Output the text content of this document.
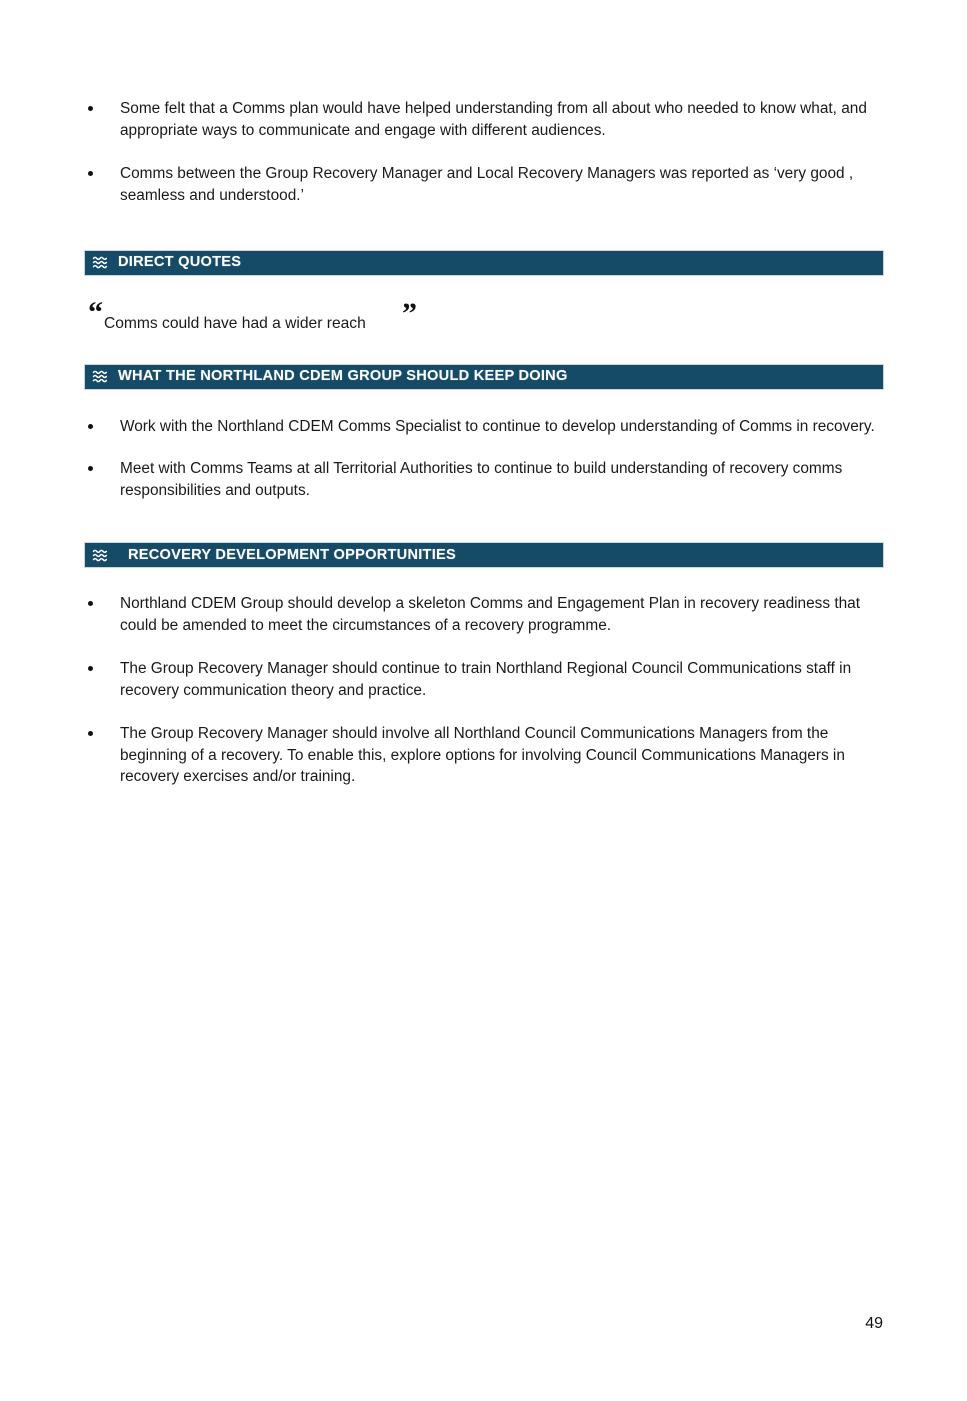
Some felt that a Comms plan would have helped understanding from all about who needed to know what, and appropriate ways to communicate and engage with different audiences.
Comms between the Group Recovery Manager and Local Recovery Managers was reported as ‘very good , seamless and understood.’
DIRECT QUOTES
“ Comms could have had a wider reach ”
WHAT THE NORTHLAND CDEM GROUP SHOULD KEEP DOING
Work with the Northland CDEM Comms Specialist to continue to develop understanding of Comms in recovery.
Meet with Comms Teams at all Territorial Authorities to continue to build understanding of recovery comms responsibilities and outputs.
RECOVERY DEVELOPMENT OPPORTUNITIES
Northland CDEM Group should develop a skeleton Comms and Engagement Plan in recovery readiness that could be amended to meet the circumstances of a recovery programme.
The Group Recovery Manager should continue to train Northland Regional Council Communications staff in recovery communication theory and practice.
The Group Recovery Manager should involve all Northland Council Communications Managers from the beginning of a recovery. To enable this, explore options for involving Council Communications Managers in recovery exercises and/or training.
49
